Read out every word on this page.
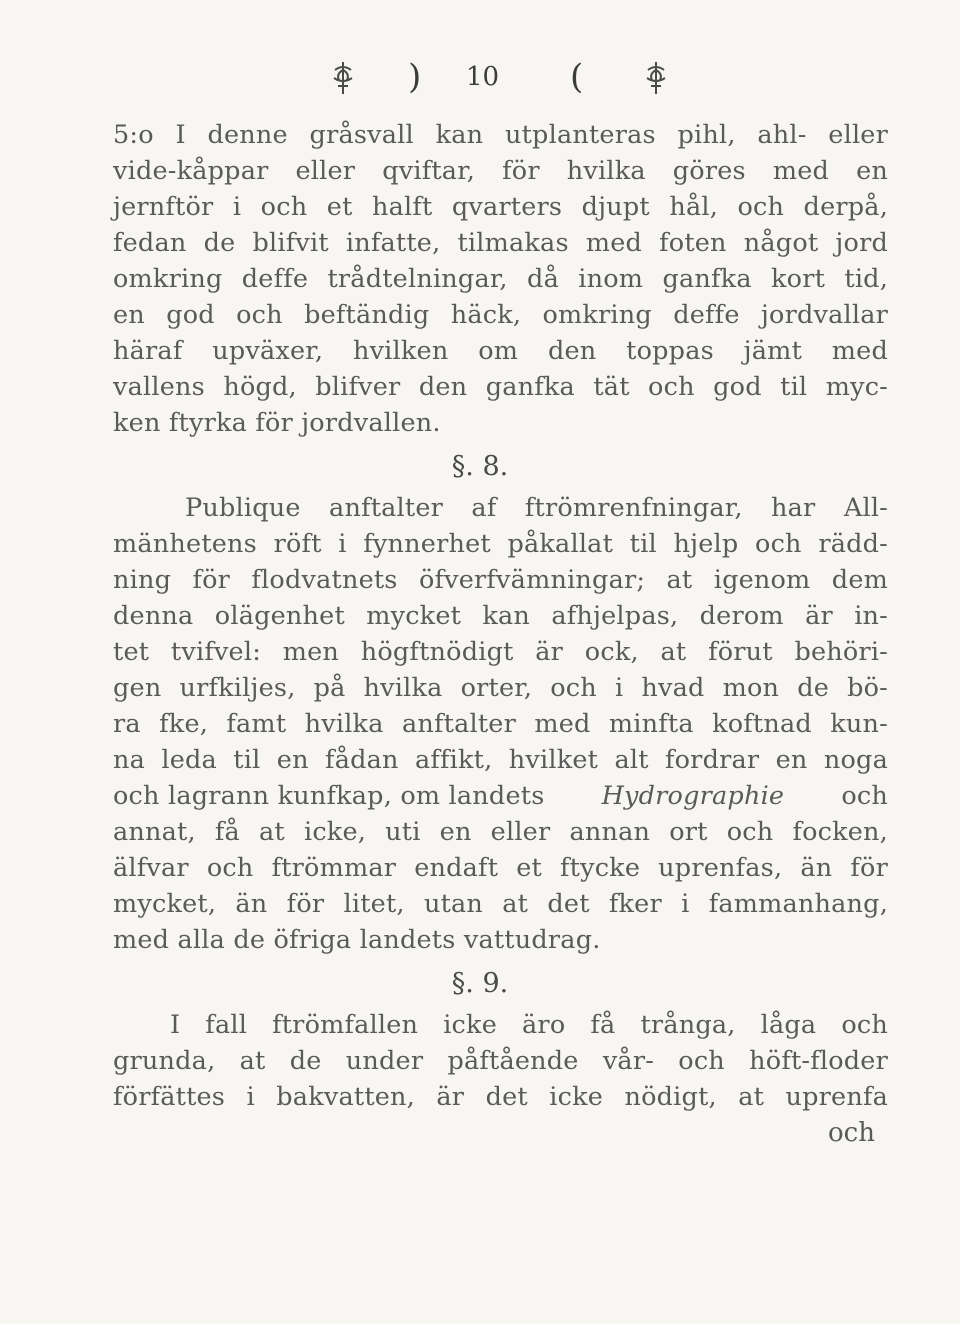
) 10 (
5:o I denne gråsvall kan utplanteras pihl, ahl- eller
vide-kåppar eller qviftar, för hvilka göres med en
jernftör i och et halft qvarters djupt hål, och derpå,
fedan de blifvit infatte, tilmakas med foten något jord
omkring deffe trådtelningar, då inom ganfka kort tid,
en god och beftändig häck, omkring deffe jordvallar
häraf upväxer, hvilken om den toppas jämt med
vallens högd, blifver den ganfka tät och god til myc-
ken ftyrka för jordvallen.
§. 8.
Publique anftalter af ftrömrenfningar, har All-
mänhetens röft i fynnerhet påkallat til hjelp och rädd-
ning för flodvatnets öfverfvämningar; at igenom dem
denna olägenhet mycket kan afhjelpas, derom är in-
tet tvifvel: men högftnödigt är ock, at förut behöri-
gen urfkiljes, på hvilka orter, och i hvad mon de bö-
ra fke, famt hvilka anftalter med minfta koftnad kun-
na leda til en fådan affikt, hvilket alt fordrar en noga
och lagrann kunfkap, om landets Hydrographie och
annat, få at icke, uti en eller annan ort och focken,
älfvar och ftrömmar endaft et ftycke uprenfas, än för
mycket, än för litet, utan at det fker i fammanhang,
med alla de öfriga landets vattudrag.
§. 9.
I fall ftrömfallen icke äro få trånga, låga och
grunda, at de under påftående vår- och höft-floder
förfättes i bakvatten, är det icke nödigt, at uprenfa
och
